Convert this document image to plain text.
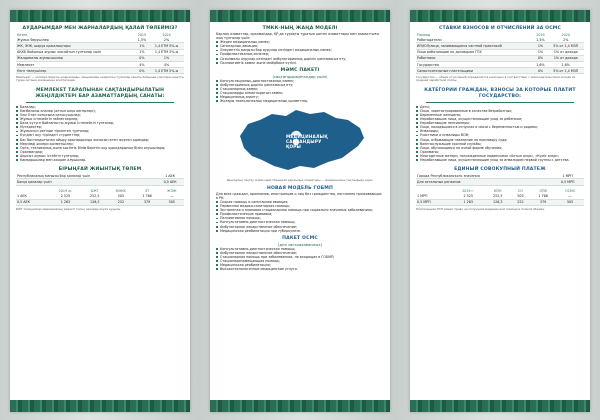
АУДАРЫМДАР МЕН ЖАРНАЛАРДЫҢ ҚАЛАЙ ТӨЛЕЙМІЗ?
Кезең	2019	2020
Жұмыс берушілер	1,5%	2%
ЖК, ЖЖ, шаруа қожалықтары	1%	1,4 ЕТМ 5%-ы
АҚКБ бойынша жұмыс жасайтын тұлғалар үшін	1%	1,4 ЕТМ 5%-ы
Жалдамалы жұмысшылар	0%	1%
Мемлекет	4%	4%
Өзге төлеушілер	0%	1,4 ЕТМ 5%-ы
Мемлекет — кепілдік беретін жарналарды, заңнамамен көзделген тұлғалар санаты бойынша үлестерін шартты түрде орташа жалақымен есептегенде.
МЕМЛЕКЕТ ТАРАПЫНАН САҚТАНДЫРЫЛАТЫН ЖЕҢІЛДІКТЕРІ БАР АЗАМАТТАРДЫҢ САНАТЫ:
Балалар;
Көпбалалы аналар (алтын алқа иегерлері);
Ұлы Отан соғысына қатысушылар;
Жұмыс істемейтін зейнеткерлер;
Бала күтуге байланысты жұмыс істемейтін тұлғалар;
Мүгедектер;
Жұмыссыз ретінде тіркелген тұлғалар;
Күндізгі оқу түріндегі студенттер;
Бас бостандығынан айыру орындарында жазасын өтеп жүрген адамдар;
Мерзімді әскери қызметшілер;
Орта, техникалық және кәсіптік білім беретін оқу орындарының білім алушылары;
Оралмандар;
Ақысыз жұмыс істейтін тұлғалар;
Қамқоршылар мен асырап алушылар.
БІРЫҢҒАЙ ЖИЫНТЫҚ ТӨЛЕМ
Республикалық маңызы бар қалалар үшін	1 АЕК
Басқа қалалар үшін	0,5 АЕК
	2019 ж.	БЖТ	МӘМС	ЗТ	ЖЗЖ
1 АЕК	2 525	252,5	505	1 768	—
0,5 АЕК	1 263	126,3	252	379	505
БЖТ төлеушілері медициналық көмекті толық көлемде алуға құқылы.
ТМКК-НЫҢ ЖАҢА МОДЕЛІ
Барлық азаматтар, оралмандар, ҚР-да тұрақты тұратын шетел азаматтары мен азаматтығы жоқ тұлғалар үшін:
Жедел медициналық көмек;
Санитарлық авиация;
Әлеуметтік маңызы бар аурулар кезіндегі медициналық көмек;
Профилактикалық екпелер;
Созылмалы аурулар кезіндегі амбулаториялық дәрілік қамтамасыз ету;
Паллиативтік көмек және мейірбике күтімі.
МӘМС ПАКЕТІ
(сақтандырылғандар үшін)
Консультациялық-диагностикалық көмек;
Амбулаториялық дәрілік қамтамасыз ету;
Стационарлық көмек;
Стационарды алмастыратын көмек;
Медициналық оңалту;
Жоғары технологиялық медициналық қызметтер.
МЕДИЦИНАЛЫҚ
САҚТАНДЫРУ
ҚОРЫ
Денсаулық сақтау жүйесіндегі бірыңғай қаржылық операторы — медициналық сақтандыру қоры.
НОВАЯ МОДЕЛЬ ГОБМП
Для всех граждан, оралманов, иностранцев и лиц без гражданства, постоянно проживающих в РК:
Скорая помощь и санитарная авиация;
Первичная медико-санитарная помощь;
Экстренная и плановая стационарная помощь при социально значимых заболеваниях;
Профилактические прививки;
Паллиативная помощь;
Консультативно-диагностическая помощь;
Амбулаторное лекарственное обеспечение;
Медицинская реабилитация при туберкулезе.
ПАКЕТ ОСМС
(для застрахованных)
Консультативно-диагностическая помощь;
Амбулаторное лекарственное обеспечение;
Стационарная помощь при заболеваниях, не входящих в ГОБМП;
Стационарозамещающая помощь;
Медицинская реабилитация;
Высокотехнологичные медицинские услуги.
СТАВКИ ВЗНОСОВ И ОТЧИСЛЕНИЙ ЗА ОСМС
Период	2019	2020
Работодатели	1,5%	2%
ИП/ЮЛ/лица, занимающиеся частной практикой	1%	5% от 1,4 МЗП
Лица работающие по договорам ГПХ	1%	1% от дохода
Работники	0%	1% от дохода
Государство	1,6%	1,6%
Самостоятельные плательщики	0%	5% от 1,4 МЗП
Государство — объем отчислений определяется ежегодно в соответствии с законодательством исходя из средней заработной платы.
КАТЕГОРИИ ГРАЖДАН, ВЗНОСЫ ЗА КОТОРЫЕ ПЛАТИТ ГОСУДАРСТВО:
Дети;
Лица, зарегистрированные в качестве безработных;
Беременные женщины;
Неработающие лица, осуществляющие уход за ребенком;
Неработающие пенсионеры;
Лица, находящиеся в отпусках в связи с беременностью и родами;
Инвалиды;
Участники и инвалиды ВОВ;
Лица, отбывающие наказание по приговору суда;
Военнослужащие срочной службы;
Лица, обучающиеся по очной форме обучения;
Оралманы;
Многодетные матери, награжденные подвесками «Алтын алқа», «Күміс алқа»;
Неработающие лица, осуществляющие уход за инвалидом первой группы с детства.
ЕДИНЫЙ СОВОКУПНЫЙ ПЛАТЕЖ
Города Республиканского значения	1 МРП
Для остальных регионов	0,5 МРП
	2019 г.	ИПН	СО	ОПВ	ОСМС
1 МРП	2 525	252,5	505	1 768	—
0,5 МРП	1 263	126,3	252	379	505
Плательщики ЕСП имеют право на получение медицинской помощи в полном объеме.
